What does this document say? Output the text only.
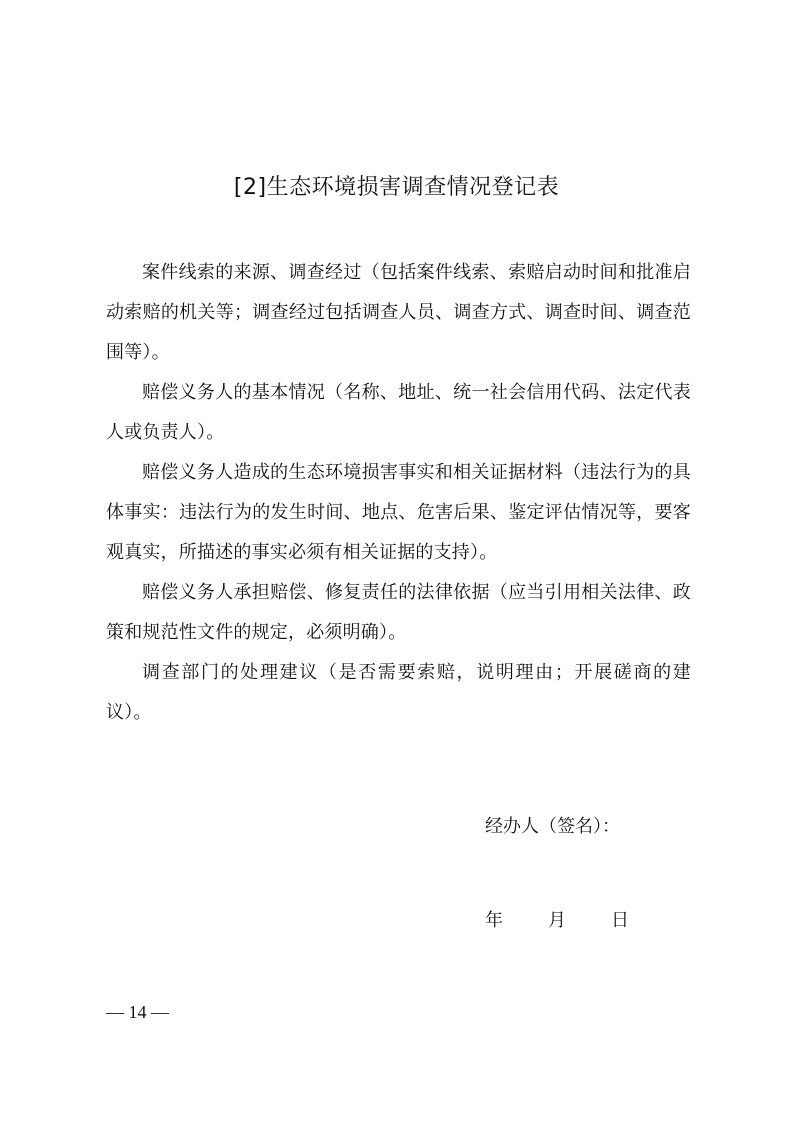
[2]生态环境损害调查情况登记表

案件线索的来源、调查经过（包括案件线索、索赔启动时间和批准启动索赔的机关等；调查经过包括调查人员、调查方式、调查时间、调查范围等）。

赔偿义务人的基本情况（名称、地址、统一社会信用代码、法定代表人或负责人）。

赔偿义务人造成的生态环境损害事实和相关证据材料（违法行为的具体事实：违法行为的发生时间、地点、危害后果、鉴定评估情况等，要客观真实，所描述的事实必须有相关证据的支持）。

赔偿义务人承担赔偿、修复责任的法律依据（应当引用相关法律、政策和规范性文件的规定，必须明确）。

调查部门的处理建议（是否需要索赔，说明理由；开展磋商的建议）。

经办人（签名）：
年	月	日
— 14 —
